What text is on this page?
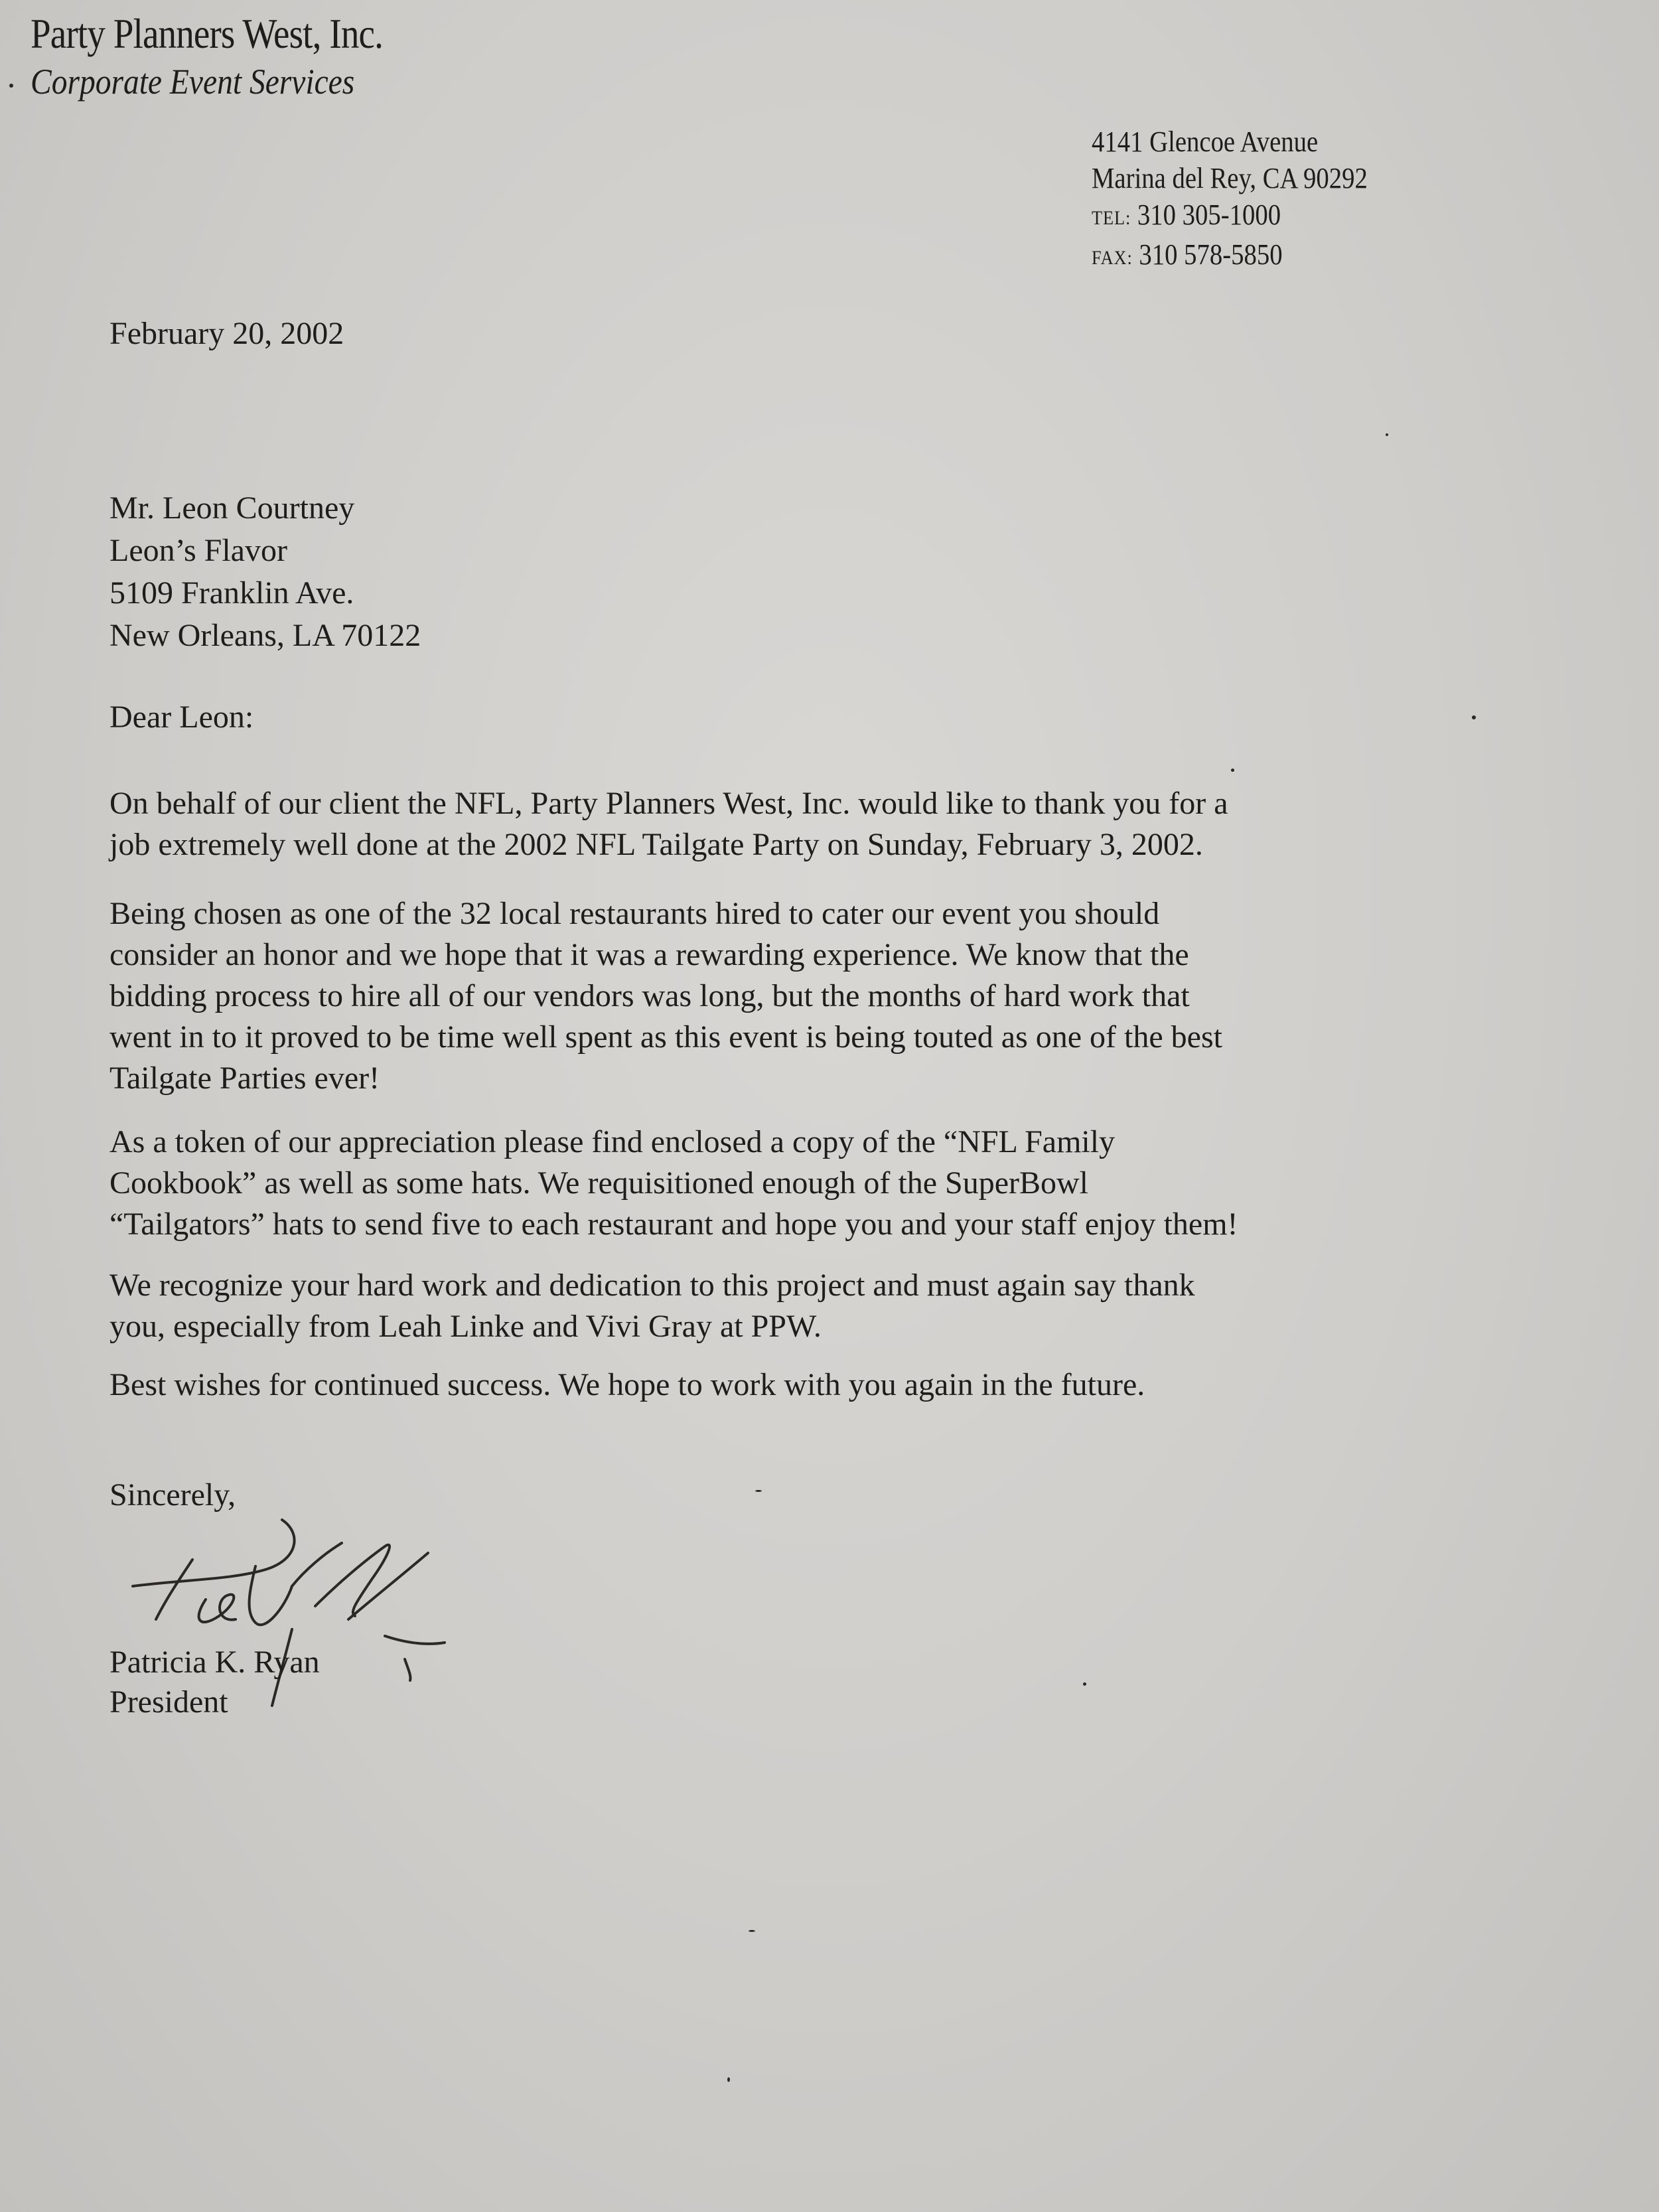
Party Planners West, Inc.
Corporate Event Services
4141 Glencoe Avenue
Marina del Rey, CA 90292
TEL: 310 305-1000
FAX: 310 578-5850
February 20, 2002
Mr. Leon Courtney
Leon’s Flavor
5109 Franklin Ave.
New Orleans, LA 70122
Dear Leon:
On behalf of our client the NFL, Party Planners West, Inc. would like to thank you for a
job extremely well done at the 2002 NFL Tailgate Party on Sunday, February 3, 2002.
Being chosen as one of the 32 local restaurants hired to cater our event you should
consider an honor and we hope that it was a rewarding experience. We know that the
bidding process to hire all of our vendors was long, but the months of hard work that
went in to it proved to be time well spent as this event is being touted as one of the best
Tailgate Parties ever!
As a token of our appreciation please find enclosed a copy of the “NFL Family
Cookbook” as well as some hats. We requisitioned enough of the SuperBowl
“Tailgators” hats to send five to each restaurant and hope you and your staff enjoy them!
We recognize your hard work and dedication to this project and must again say thank
you, especially from Leah Linke and Vivi Gray at PPW.
Best wishes for continued success. We hope to work with you again in the future.
Sincerely,
Patricia K. Ryan
President
